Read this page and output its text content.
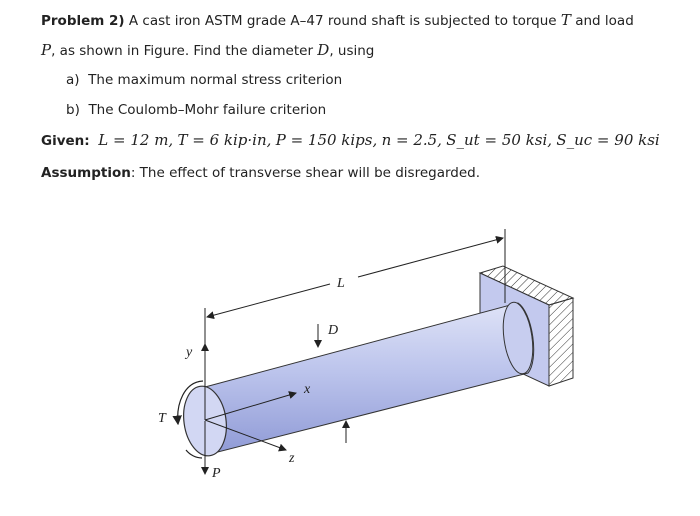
Problem 2) A cast iron ASTM grade A–47 round shaft is subjected to torque T and load
P, as shown in Figure. Find the diameter D, using
a) The maximum normal stress criterion
b) The Coulomb–Mohr failure criterion
Given: L = 12 m, T = 6 kip·in, P = 150 kips, n = 2.5, S_ut = 50 ksi, S_uc = 90 ksi
Assumption: The effect of transverse shear will be disregarded.
L
D
y
x
z
P
T
